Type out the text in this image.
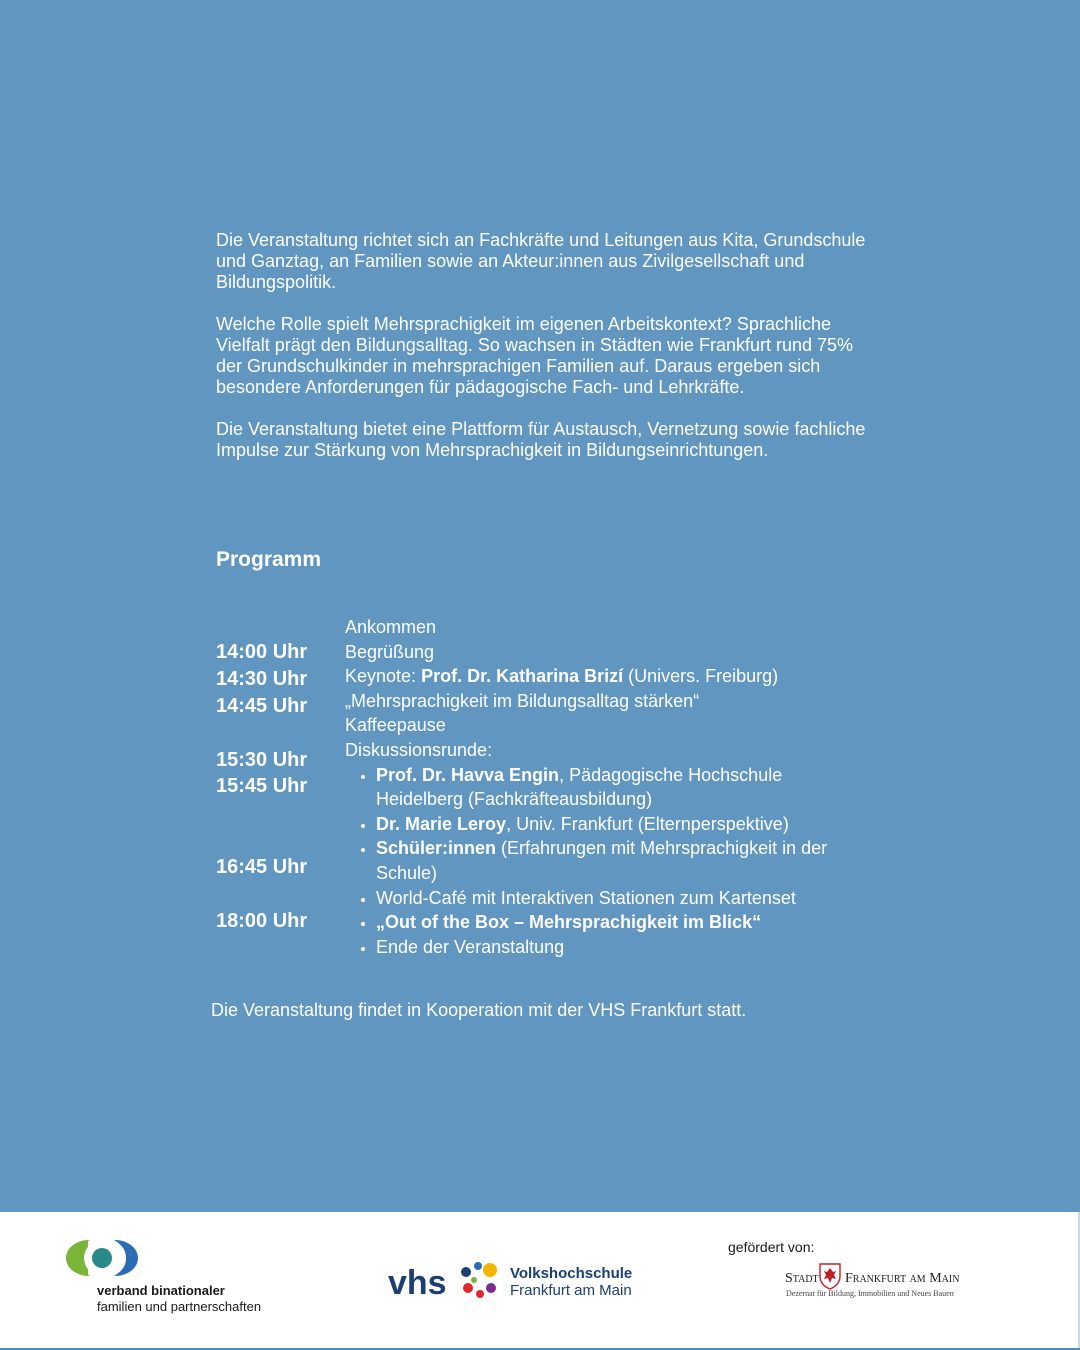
Die Veranstaltung richtet sich an Fachkräfte und Leitungen aus Kita, Grundschule und Ganztag, an Familien sowie an Akteur:innen aus Zivilgesellschaft und Bildungspolitik.

Welche Rolle spielt Mehrsprachigkeit im eigenen Arbeitskontext? Sprachliche Vielfalt prägt den Bildungsalltag. So wachsen in Städten wie Frankfurt rund 75% der Grundschulkinder in mehrsprachigen Familien auf. Daraus ergeben sich besondere Anforderungen für pädagogische Fach- und Lehrkräfte.

Die Veranstaltung bietet eine Plattform für Austausch, Vernetzung sowie fachliche Impulse zur Stärkung von Mehrsprachigkeit in Bildungseinrichtungen.

Programm
14:00 Uhr
14:30 Uhr
14:45 Uhr
15:30 Uhr
15:45 Uhr
16:45 Uhr
18:00 Uhr
Ankommen
Begrüßung
Keynote: Prof. Dr. Katharina Brizí (Univers. Freiburg)
„Mehrsprachigkeit im Bildungsalltag stärken“
Kaffeepause
Diskussionsrunde:
• Prof. Dr. Havva Engin, Pädagogische Hochschule Heidelberg (Fachkräfteausbildung)
• Dr. Marie Leroy, Univ. Frankfurt (Elternperspektive)
• Schüler:innen (Erfahrungen mit Mehrsprachigkeit in der Schule)
• World-Café mit Interaktiven Stationen zum Kartenset
• „Out of the Box – Mehrsprachigkeit im Blick“
• Ende der Veranstaltung
Die Veranstaltung findet in Kooperation mit der VHS Frankfurt statt.
verband binationaler
familien und partnerschaften
vhs	Volkshochschule
Frankfurt am Main
gefördert von:
Stadt Frankfurt am Main
Dezernat für Bildung, Immobilien und Neues Bauen
